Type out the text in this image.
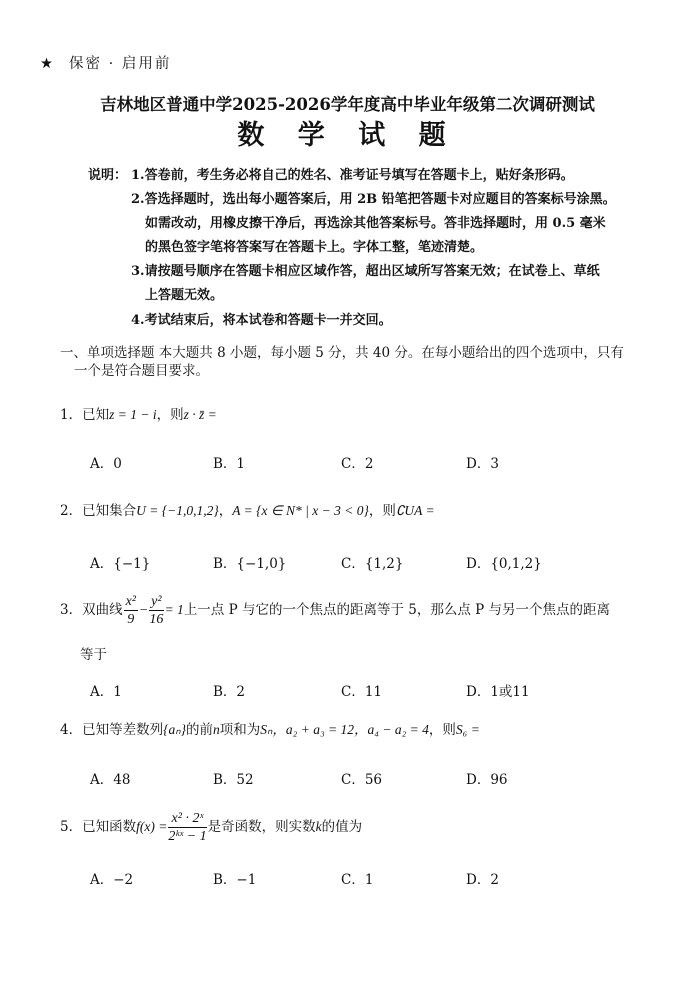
★ 保密 · 启用前
吉林地区普通中学2025-2026学年度高中毕业年级第二次调研测试
数 学 试 题
说明： 1.答卷前，考生务必将自己的姓名、准考证号填写在答题卡上，贴好条形码。
2.答选择题时，选出每小题答案后，用 2B 铅笔把答题卡对应题目的答案标号涂黑。
如需改动，用橡皮擦干净后，再选涂其他答案标号。答非选择题时，用 0.5 毫米
的黑色签字笔将答案写在答题卡上。字体工整，笔迹清楚。
3.请按题号顺序在答题卡相应区域作答，超出区域所写答案无效；在试卷上、草纸
上答题无效。
4.考试结束后，将本试卷和答题卡一并交回。
一、单项选择题 本大题共 8 小题，每小题 5 分，共 40 分。在每小题给出的四个选项中，只有
一个是符合题目要求。
1．已知z = 1 − i，则z · z̄ =
A．0	B．1	C．2	D．3
2．已知集合U = {−1,0,1,2}，A = {x ∈ N* | x − 3 < 0}，则∁UA =
A．{−1}	B．{−1,0}	C．{1,2}	D．{0,1,2}
3．双曲线 $\frac{\text{x²}}{9} - \frac{\text{y²}}{16} = 1$上一点 P 与它的一个焦点的距离等于 5，那么点 P 与另一个焦点的距离
等于
A．1	B．2	C．11	D．1或11
4．已知等差数列{aₙ}的前n项和为Sₙ，a₂ + a₃ = 12，a₄ − a₂ = 4，则S₆ =
A．48	B．52	C．56	D．96
5．已知函数$f(x) = \frac{\text{x² · 2ˣ}}{\text{2ᵏˣ − 1}}$ 是奇函数，则实数k的值为
A．−2	B．−1	C．1	D．2
